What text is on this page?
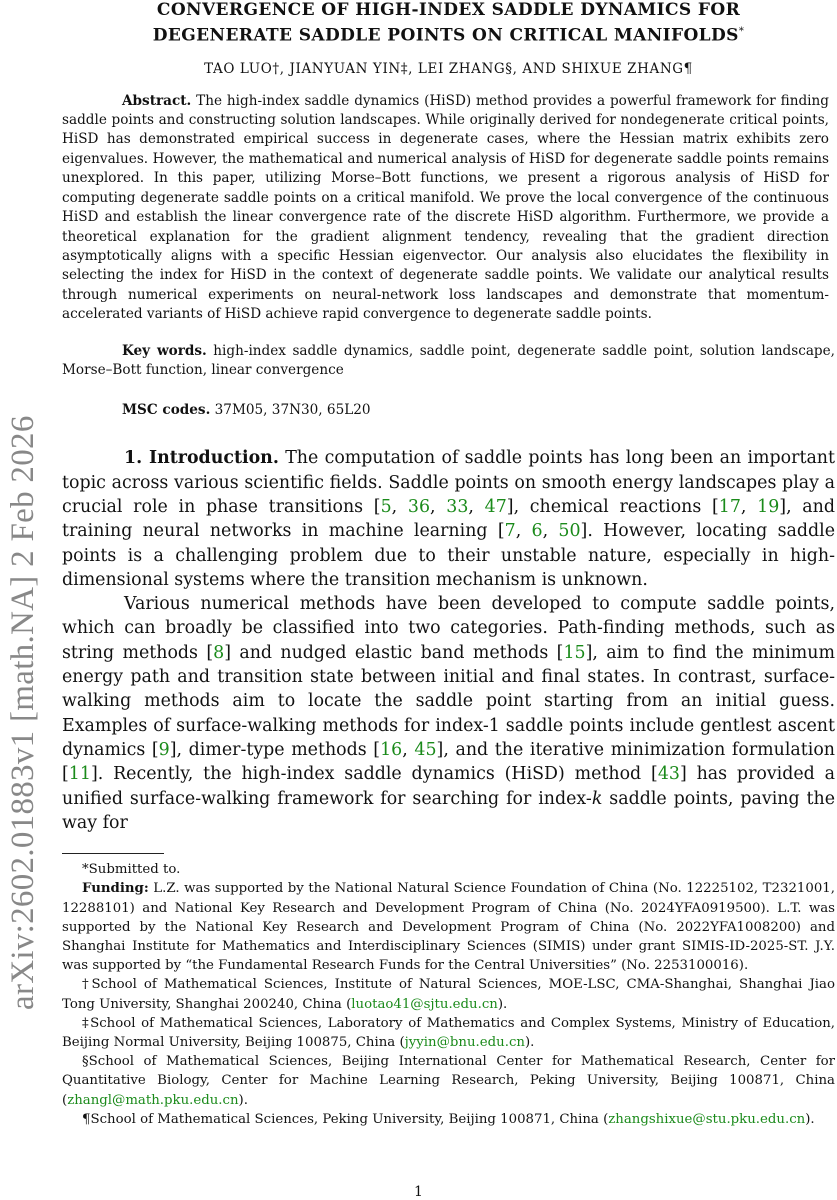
arXiv:2602.01883v1 [math.NA] 2 Feb 2026
CONVERGENCE OF HIGH-INDEX SADDLE DYNAMICS FOR
DEGENERATE SADDLE POINTS ON CRITICAL MANIFOLDS*
TAO LUO†, JIANYUAN YIN‡, LEI ZHANG§, AND SHIXUE ZHANG¶
Abstract. The high-index saddle dynamics (HiSD) method provides a powerful framework for finding saddle points and constructing solution landscapes. While originally derived for nondegenerate critical points, HiSD has demonstrated empirical success in degenerate cases, where the Hessian matrix exhibits zero eigenvalues. However, the mathematical and numerical analysis of HiSD for degenerate saddle points remains unexplored. In this paper, utilizing Morse–Bott functions, we present a rigorous analysis of HiSD for computing degenerate saddle points on a critical manifold. We prove the local convergence of the continuous HiSD and establish the linear convergence rate of the discrete HiSD algorithm. Furthermore, we provide a theoretical explanation for the gradient alignment tendency, revealing that the gradient direction asymptotically aligns with a specific Hessian eigenvector. Our analysis also elucidates the flexibility in selecting the index for HiSD in the context of degenerate saddle points. We validate our analytical results through numerical experiments on neural-network loss landscapes and demonstrate that momentum-accelerated variants of HiSD achieve rapid convergence to degenerate saddle points.
Key words. high-index saddle dynamics, saddle point, degenerate saddle point, solution landscape, Morse–Bott function, linear convergence
MSC codes. 37M05, 37N30, 65L20

1. Introduction. The computation of saddle points has long been an important topic across various scientific fields. Saddle points on smooth energy landscapes play a crucial role in phase transitions [5, 36, 33, 47], chemical reactions [17, 19], and training neural networks in machine learning [7, 6, 50]. However, locating saddle points is a challenging problem due to their unstable nature, especially in high-dimensional systems where the transition mechanism is unknown.

Various numerical methods have been developed to compute saddle points, which can broadly be classified into two categories. Path-finding methods, such as string methods [8] and nudged elastic band methods [15], aim to find the minimum energy path and transition state between initial and final states. In contrast, surface-walking methods aim to locate the saddle point starting from an initial guess. Examples of surface-walking methods for index-1 saddle points include gentlest ascent dynamics [9], dimer-type methods [16, 45], and the iterative minimization formulation [11]. Recently, the high-index saddle dynamics (HiSD) method [43] has provided a unified surface-walking framework for searching for index-k saddle points, paving the way for

*Submitted to.

Funding: L.Z. was supported by the National Natural Science Foundation of China (No. 12225102, T2321001, 12288101) and National Key Research and Development Program of China (No. 2024YFA0919500). L.T. was supported by the National Key Research and Development Program of China (No. 2022YFA1008200) and Shanghai Institute for Mathematics and Interdisciplinary Sciences (SIMIS) under grant SIMIS-ID-2025-ST. J.Y. was supported by “the Fundamental Research Funds for the Central Universities” (No. 2253100016).

†School of Mathematical Sciences, Institute of Natural Sciences, MOE-LSC, CMA-Shanghai, Shanghai Jiao Tong University, Shanghai 200240, China (luotao41@sjtu.edu.cn).

‡School of Mathematical Sciences, Laboratory of Mathematics and Complex Systems, Ministry of Education, Beijing Normal University, Beijing 100875, China (jyyin@bnu.edu.cn).

§School of Mathematical Sciences, Beijing International Center for Mathematical Research, Center for Quantitative Biology, Center for Machine Learning Research, Peking University, Beijing 100871, China (zhangl@math.pku.edu.cn).

¶School of Mathematical Sciences, Peking University, Beijing 100871, China (zhangshixue@stu.pku.edu.cn).

1
